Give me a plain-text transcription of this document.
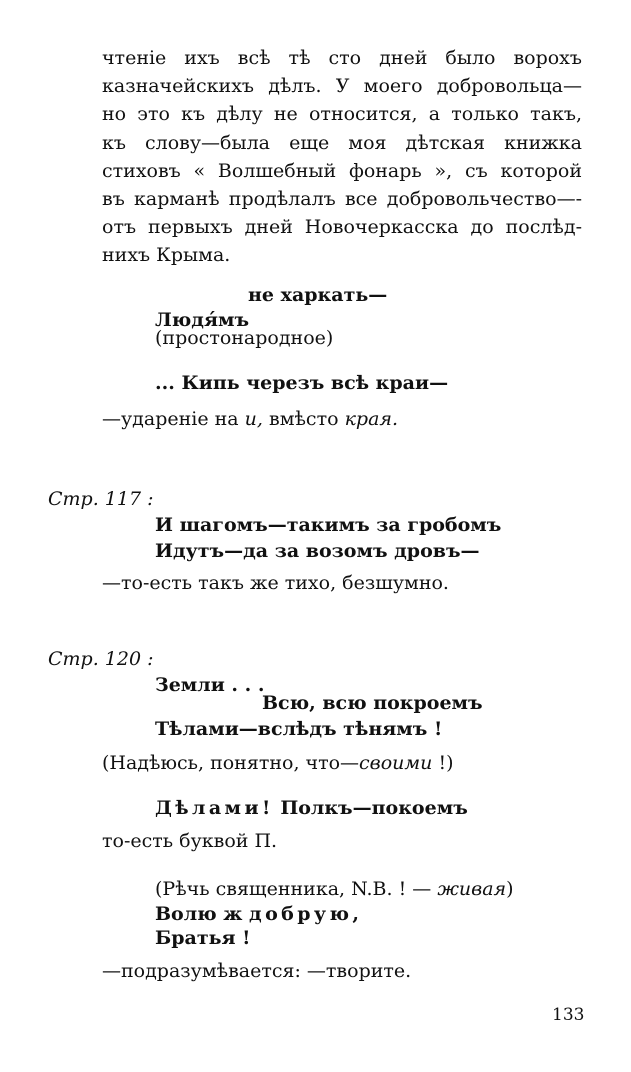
чтеніе ихъ всѣ тѣ сто дней было ворохъ
казначейскихъ дѣлъ. У моего добровольца—
но это къ дѣлу не относится, а только такъ,
къ слову—была еще моя дѣтская книжка
стиховъ « Волшебный фонарь », съ которой
въ карманѣ продѣлалъ все добровольчество—-
отъ первыхъ дней Новочеркасска до послѣд-
нихъ Крыма.
не харкать—
Людя́мъ
(простонародное)
... Кипь черезъ всѣ краи—
—удареніе на и, вмѣсто края.
Стр. 117 :
И шагомъ—такимъ за гробомъ
Идутъ—да за возомъ дровъ—
—то-есть такъ же тихо, безшумно.
Стр. 120 :
Земли . . .
Всю, всю покроемъ
Тѣлами—вслѣдъ тѣнямъ !
(Надѣюсь, понятно, что—своими !)
Дѣлами! Полкъ—покоемъ
то-есть буквой П.
(Рѣчь священника, N.B. ! — живая)
Волю ж добрую,
Братья !
—подразумѣвается: —творите.
133
